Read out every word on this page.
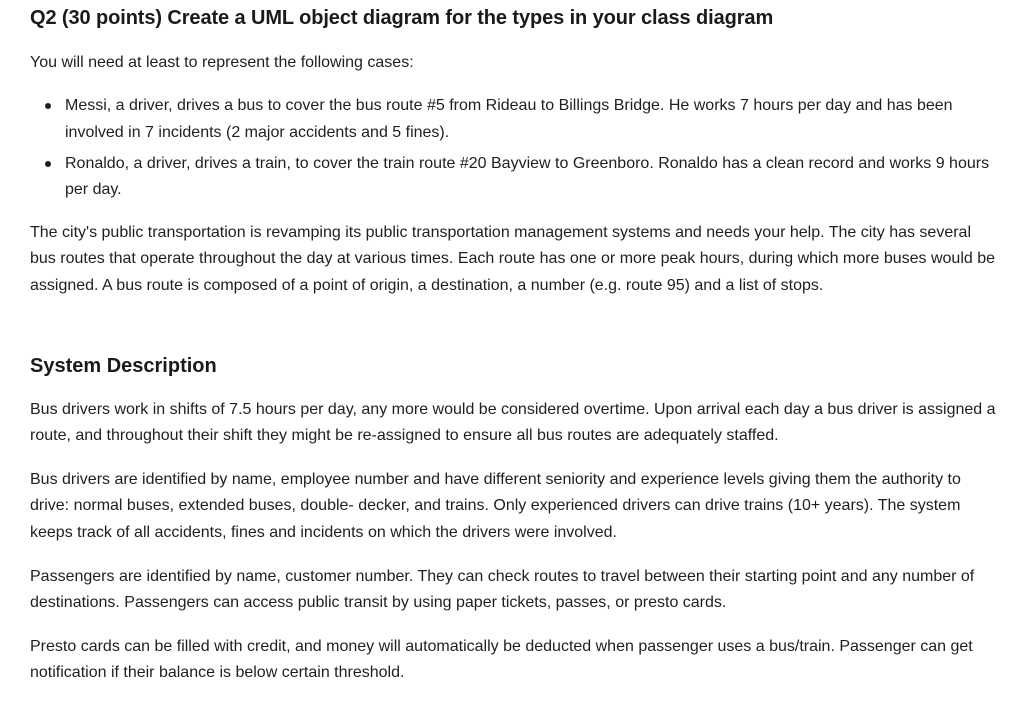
Q2 (30 points) Create a UML object diagram for the types in your class diagram

You will need at least to represent the following cases:

Messi, a driver, drives a bus to cover the bus route #5 from Rideau to Billings Bridge. He works 7 hours per day and has been involved in 7 incidents (2 major accidents and 5 fines).
Ronaldo, a driver, drives a train, to cover the train route #20 Bayview to Greenboro. Ronaldo has a clean record and works 9 hours per day.

The city's public transportation is revamping its public transportation management systems and needs your help. The city has several bus routes that operate throughout the day at various times. Each route has one or more peak hours, during which more buses would be assigned. A bus route is composed of a point of origin, a destination, a number (e.g. route 95) and a list of stops.

System Description

Bus drivers work in shifts of 7.5 hours per day, any more would be considered overtime. Upon arrival each day a bus driver is assigned a route, and throughout their shift they might be re-assigned to ensure all bus routes are adequately staffed.

Bus drivers are identified by name, employee number and have different seniority and experience levels giving them the authority to drive: normal buses, extended buses, double- decker, and trains. Only experienced drivers can drive trains (10+ years). The system keeps track of all accidents, fines and incidents on which the drivers were involved.

Passengers are identified by name, customer number. They can check routes to travel between their starting point and any number of destinations. Passengers can access public transit by using paper tickets, passes, or presto cards.

Presto cards can be filled with credit, and money will automatically be deducted when passenger uses a bus/train. Passenger can get notification if their balance is below certain threshold.
